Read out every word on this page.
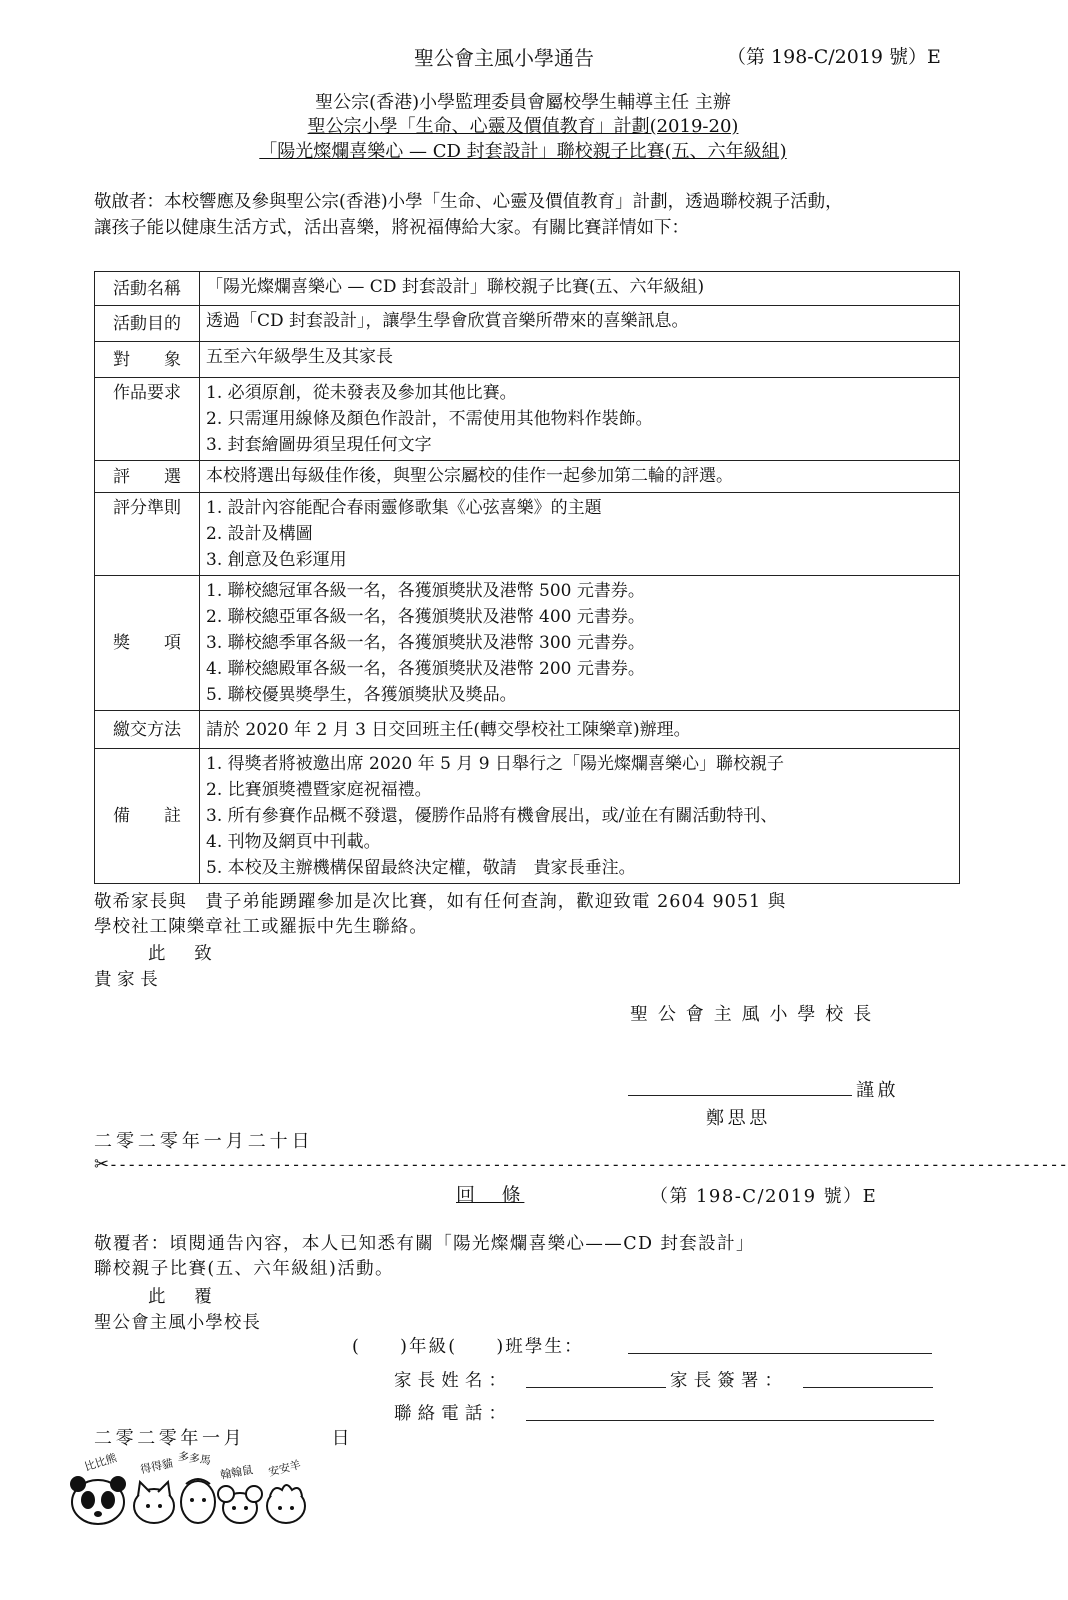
聖公會主風小學通告	（第 198-C/2019 號）E
聖公宗(香港)小學監理委員會屬校學生輔導主任 主辦
聖公宗小學「生命、心靈及價值教育」計劃(2019-20)
「陽光燦爛喜樂心 — CD 封套設計」聯校親子比賽(五、六年級組)
敬啟者：本校響應及參與聖公宗(香港)小學「生命、心靈及價值教育」計劃，透過聯校親子活動，
讓孩子能以健康生活方式，活出喜樂，將祝福傳給大家。有關比賽詳情如下：
活動名稱	「陽光燦爛喜樂心 — CD 封套設計」聯校親子比賽(五、六年級組)
活動目的	透過「CD 封套設計」，讓學生學會欣賞音樂所帶來的喜樂訊息。
對　　象	五至六年級學生及其家長
作品要求	1. 必須原創，從未發表及參加其他比賽。
2. 只需運用線條及顏色作設計，不需使用其他物料作裝飾。
3. 封套繪圖毋須呈現任何文字

評　　選	本校將選出每級佳作後，與聖公宗屬校的佳作一起參加第二輪的評選。
評分準則	1. 設計內容能配合春雨靈修歌集《心弦喜樂》的主題
2. 設計及構圖
3. 創意及色彩運用

獎　　項	1. 聯校總冠軍各級一名，各獲頒獎狀及港幣 500 元書券。
2. 聯校總亞軍各級一名，各獲頒獎狀及港幣 400 元書券。
3. 聯校總季軍各級一名，各獲頒獎狀及港幣 300 元書券。
4. 聯校總殿軍各級一名，各獲頒獎狀及港幣 200 元書券。
5. 聯校優異獎學生，各獲頒獎狀及獎品。

繳交方法	請於 2020 年 2 月 3 日交回班主任(轉交學校社工陳樂章)辦理。
備　　註	1. 得獎者將被邀出席 2020 年 5 月 9 日舉行之「陽光燦爛喜樂心」聯校親子
2. 比賽頒獎禮暨家庭祝福禮。
3. 所有參賽作品概不發還，優勝作品將有機會展出，或/並在有關活動特刊、
4. 刊物及網頁中刊載。
5. 本校及主辦機構保留最終決定權，敬請　貴家長垂注。
敬希家長與　貴子弟能踴躍參加是次比賽，如有任何查詢，歡迎致電 2604 9051 與
學校社工陳樂章社工或羅振中先生聯絡。
此　致
貴家長
聖公會主風小學校長
謹啟
鄭思思
二零二零年一月二十日
✂---------------------------------------------------------------------------------------------------------
回　條	（第 198-C/2019 號）E
敬覆者：頃閱通告內容，本人已知悉有關「陽光燦爛喜樂心——CD 封套設計」
聯校親子比賽(五、六年級組)活動。
此　覆
聖公會主風小學校長
(　　)年級(　　)班學生：
家長姓名：	家長簽署：
聯絡電話：
二零二零年一月　　　　日
比比熊 得得貓 多多馬
翰翰鼠 安安羊
